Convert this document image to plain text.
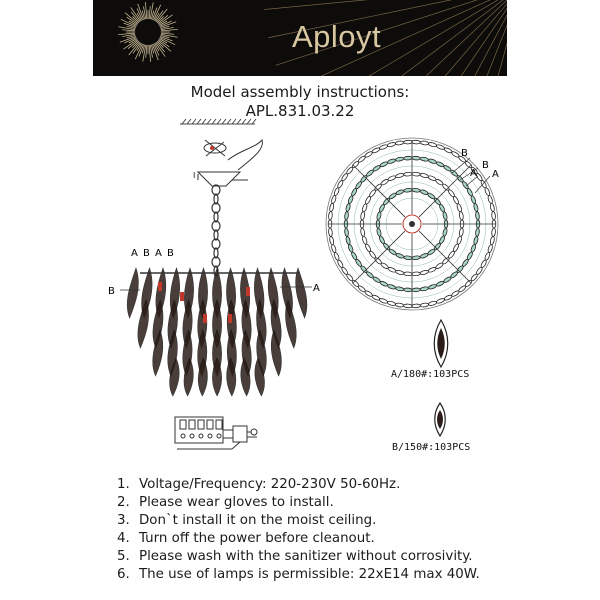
Aployt
Model assembly instructions:
APL.831.03.22
I
B	A
A B A B
B
B
A A
A/180#:103PCS
B/150#:103PCS
1. Voltage/Frequency: 220-230V 50-60Hz.
2. Please wear gloves to install.
3. Don`t install it on the moist ceiling.
4. Turn off the power before cleanout.
5. Please wash with the sanitizer without corrosivity.
6. The use of lamps is permissible: 22xE14 max 40W.
